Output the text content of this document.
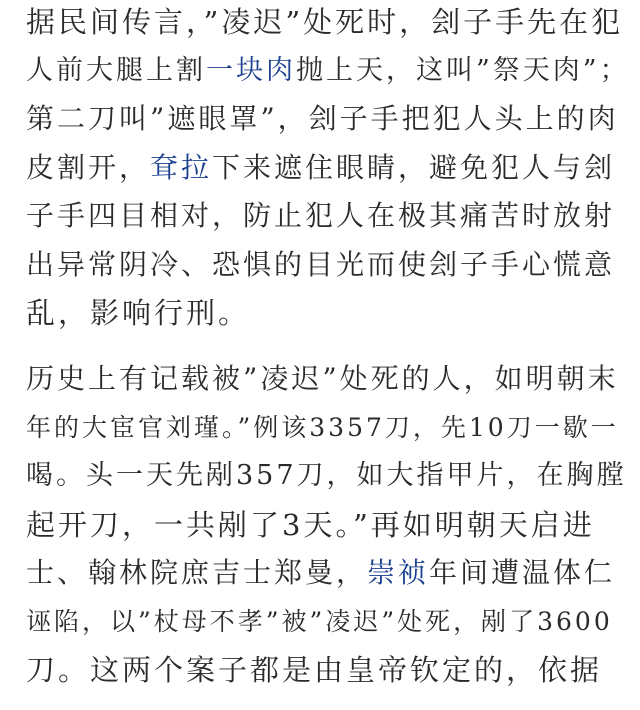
据民间传言，”凌迟”处死时，刽子手先在犯
人前大腿上割一块肉抛上天，这叫”祭天肉”；
第二刀叫”遮眼罩”，刽子手把犯人头上的肉
皮割开，耷拉下来遮住眼睛，避免犯人与刽
子手四目相对，防止犯人在极其痛苦时放射
出异常阴冷、恐惧的目光而使刽子手心慌意
乱，影响行刑。
历史上有记载被”凌迟”处死的人，如明朝末
年的大宦官刘瑾。”例该3357刀，先10刀一歇一
喝。头一天先剐357刀，如大指甲片，在胸膛
起开刀，一共剐了3天。”再如明朝天启进
士、翰林院庶吉士郑曼，崇祯年间遭温体仁
诬陷，以”杖母不孝”被”凌迟”处死，剐了3600
刀。这两个案子都是由皇帝钦定的，依据
